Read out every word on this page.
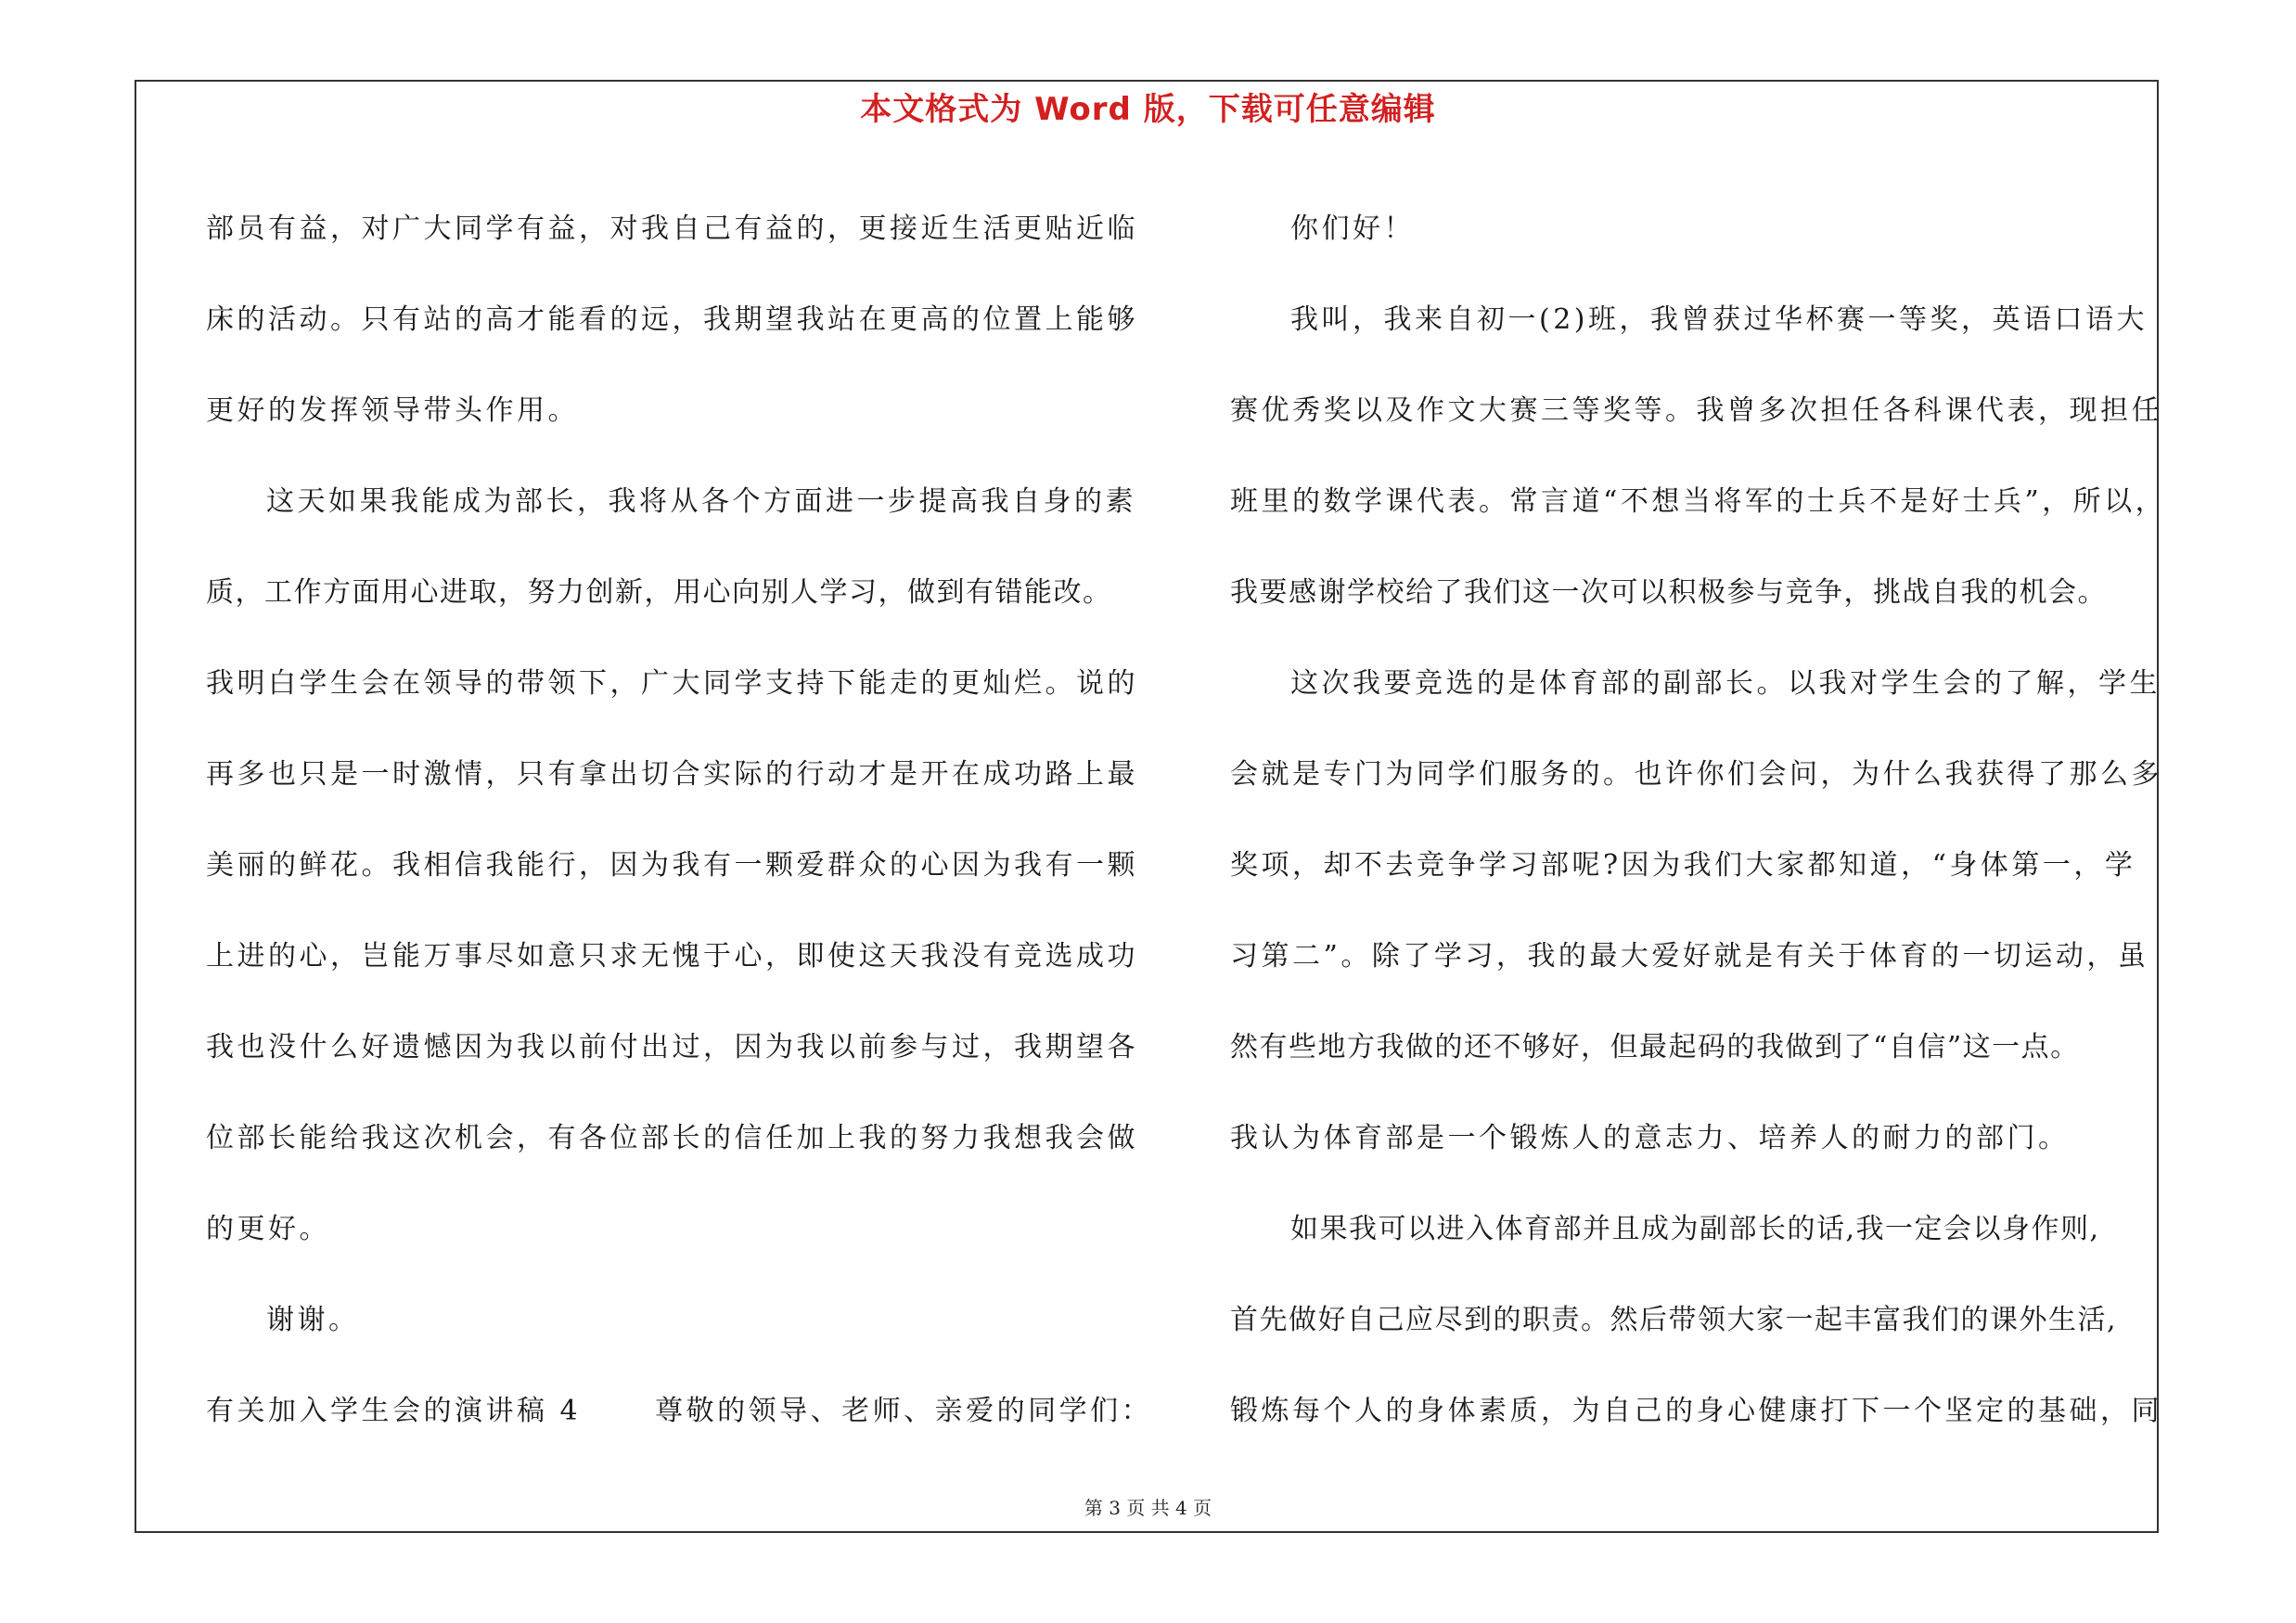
本文格式为 Word 版，下载可任意编辑
部员有益，对广大同学有益，对我自己有益的，更接近生活更贴近临
床的活动。只有站的高才能看的远，我期望我站在更高的位置上能够
更好的发挥领导带头作用。
这天如果我能成为部长，我将从各个方面进一步提高我自身的素
质，工作方面用心进取，努力创新，用心向别人学习，做到有错能改。
我明白学生会在领导的带领下，广大同学支持下能走的更灿烂。说的
再多也只是一时激情，只有拿出切合实际的行动才是开在成功路上最
美丽的鲜花。我相信我能行，因为我有一颗爱群众的心因为我有一颗
上进的心，岂能万事尽如意只求无愧于心，即使这天我没有竞选成功
我也没什么好遗憾因为我以前付出过，因为我以前参与过，我期望各
位部长能给我这次机会，有各位部长的信任加上我的努力我想我会做
的更好。
谢谢。
有关加入学生会的演讲稿 4	尊敬的领导、老师、亲爱的同学们：
你们好！
我叫，我来自初一(2)班，我曾获过华杯赛一等奖，英语口语大
赛优秀奖以及作文大赛三等奖等。我曾多次担任各科课代表，现担任
班里的数学课代表。常言道“不想当将军的士兵不是好士兵”，所以，
我要感谢学校给了我们这一次可以积极参与竞争，挑战自我的机会。
这次我要竞选的是体育部的副部长。以我对学生会的了解，学生
会就是专门为同学们服务的。也许你们会问，为什么我获得了那么多
奖项，却不去竞争学习部呢?因为我们大家都知道，“身体第一，学
习第二”。除了学习，我的最大爱好就是有关于体育的一切运动，虽
然有些地方我做的还不够好，但最起码的我做到了“自信”这一点。
我认为体育部是一个锻炼人的意志力、培养人的耐力的部门。
如果我可以进入体育部并且成为副部长的话,我一定会以身作则,
首先做好自己应尽到的职责。然后带领大家一起丰富我们的课外生活,
锻炼每个人的身体素质，为自己的身心健康打下一个坚定的基础，同
第 3 页 共 4 页
